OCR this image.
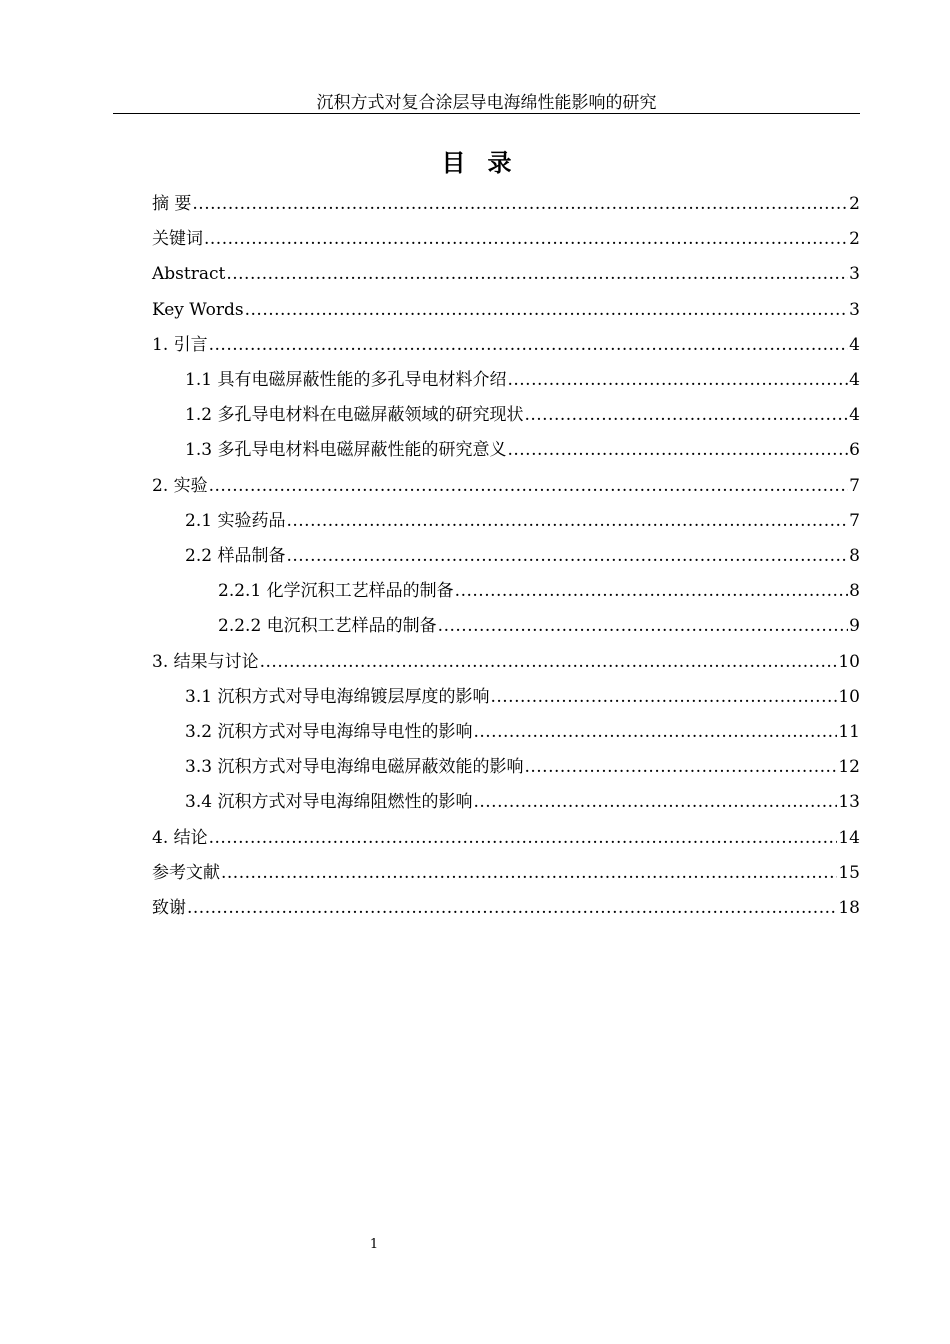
沉积方式对复合涂层导电海绵性能影响的研究
目录
摘 要 .....	2
关键词 .....	2
Abstract .....	3
Key Words .....	3
1. 引言 .....	4
1.1 具有电磁屏蔽性能的多孔导电材料介绍 .....	4
1.2 多孔导电材料在电磁屏蔽领域的研究现状 .....	4
1.3 多孔导电材料电磁屏蔽性能的研究意义 .....	6
2. 实验 .....	7
2.1 实验药品 .....	7
2.2 样品制备 .....	8
2.2.1 化学沉积工艺样品的制备 .....	8
2.2.2 电沉积工艺样品的制备 .....	9
3. 结果与讨论 .....	10
3.1 沉积方式对导电海绵镀层厚度的影响 .....	10
3.2 沉积方式对导电海绵导电性的影响 .....	11
3.3 沉积方式对导电海绵电磁屏蔽效能的影响 .....	12
3.4 沉积方式对导电海绵阻燃性的影响 .....	13
4. 结论 .....	14
参考文献 .....	15
致谢 .....	18
1
